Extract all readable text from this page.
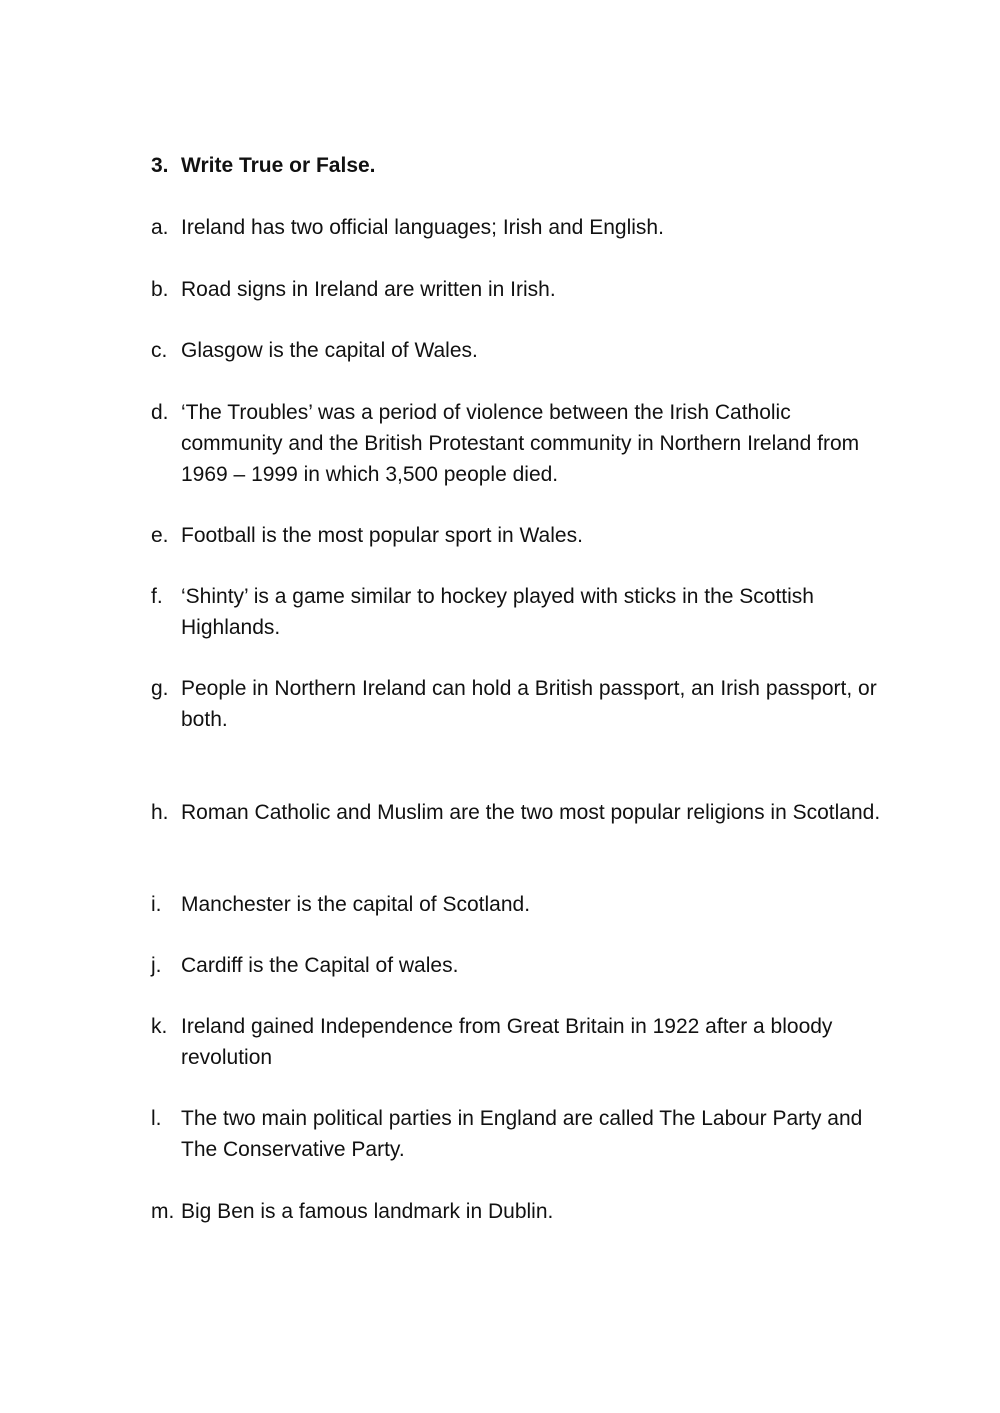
3. Write True or False.
a. Ireland has two official languages; Irish and English.
b. Road signs in Ireland are written in Irish.
c. Glasgow is the capital of Wales.
d. ‘The Troubles’ was a period of violence between the Irish Catholic community and the British Protestant community in Northern Ireland from 1969 – 1999 in which 3,500 people died.
e. Football is the most popular sport in Wales.
f. ‘Shinty’ is a game similar to hockey played with sticks in the Scottish Highlands.
g. People in Northern Ireland can hold a British passport, an Irish passport, or both.
h. Roman Catholic and Muslim are the two most popular religions in Scotland.
i. Manchester is the capital of Scotland.
j. Cardiff is the Capital of wales.
k. Ireland gained Independence from Great Britain in 1922 after a bloody revolution
l. The two main political parties in England are called The Labour Party and The Conservative Party.
m. Big Ben is a famous landmark in Dublin.
